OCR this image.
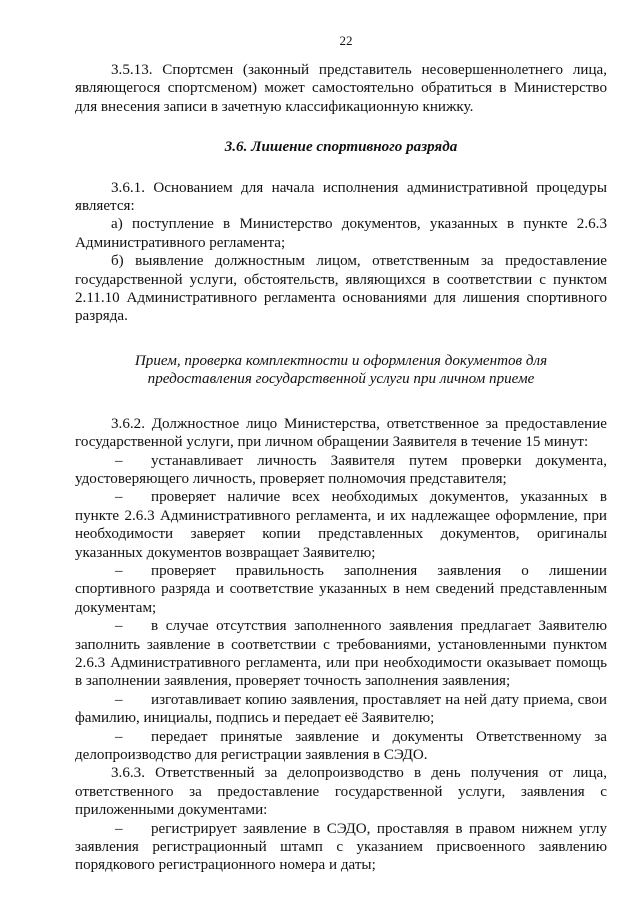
22

3.5.13. Спортсмен (законный представитель несовершеннолетнего лица, являющегося спортсменом) может самостоятельно обратиться в Министерство для внесения записи в зачетную классификационную книжку.

3.6. Лишение спортивного разряда

3.6.1. Основанием для начала исполнения административной процедуры является:

а) поступление в Министерство документов, указанных в пункте 2.6.3 Административного регламента;

б) выявление должностным лицом, ответственным за предоставление государственной услуги, обстоятельств, являющихся в соответствии с пунктом 2.11.10 Административного регламента основаниями для лишения спортивного разряда.

Прием, проверка комплектности и оформления документов для предоставления государственной услуги при личном приеме

3.6.2. Должностное лицо Министерства, ответственное за предоставление государственной услуги, при личном обращении Заявителя в течение 15 минут:

– устанавливает личность Заявителя путем проверки документа, удостоверяющего личность, проверяет полномочия представителя;

– проверяет наличие всех необходимых документов, указанных в пункте 2.6.3 Административного регламента, и их надлежащее оформление, при необходимости заверяет копии представленных документов, оригиналы указанных документов возвращает Заявителю;

– проверяет правильность заполнения заявления о лишении спортивного разряда и соответствие указанных в нем сведений представленным документам;

– в случае отсутствия заполненного заявления предлагает Заявителю заполнить заявление в соответствии с требованиями, установленными пунктом 2.6.3 Административного регламента, или при необходимости оказывает помощь в заполнении заявления, проверяет точность заполнения заявления;

– изготавливает копию заявления, проставляет на ней дату приема, свои фамилию, инициалы, подпись и передает её Заявителю;

– передает принятые заявление и документы Ответственному за делопроизводство для регистрации заявления в СЭДО.

3.6.3. Ответственный за делопроизводство в день получения от лица, ответственного за предоставление государственной услуги, заявления с приложенными документами:

– регистрирует заявление в СЭДО, проставляя в правом нижнем углу заявления регистрационный штамп с указанием присвоенного заявлению порядкового регистрационного номера и даты;
